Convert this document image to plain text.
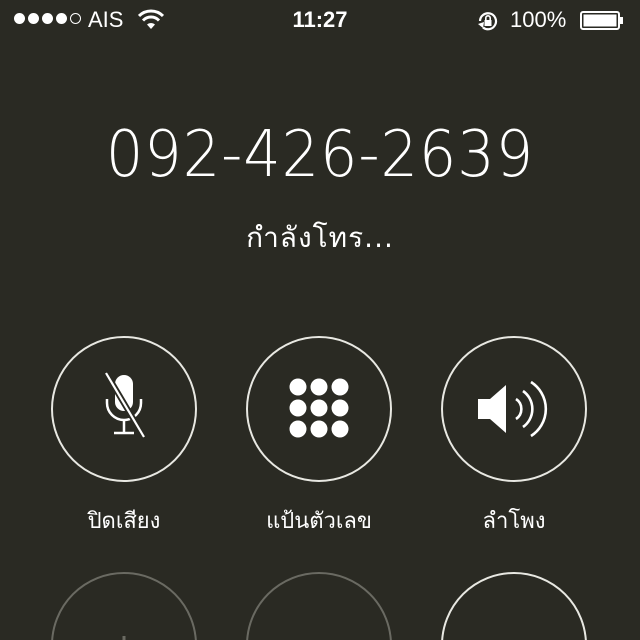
AIS	11:27	100%
092-426-2639
กำลังโทร...
ปิดเสียง	แป้นตัวเลข	ลำโพง
